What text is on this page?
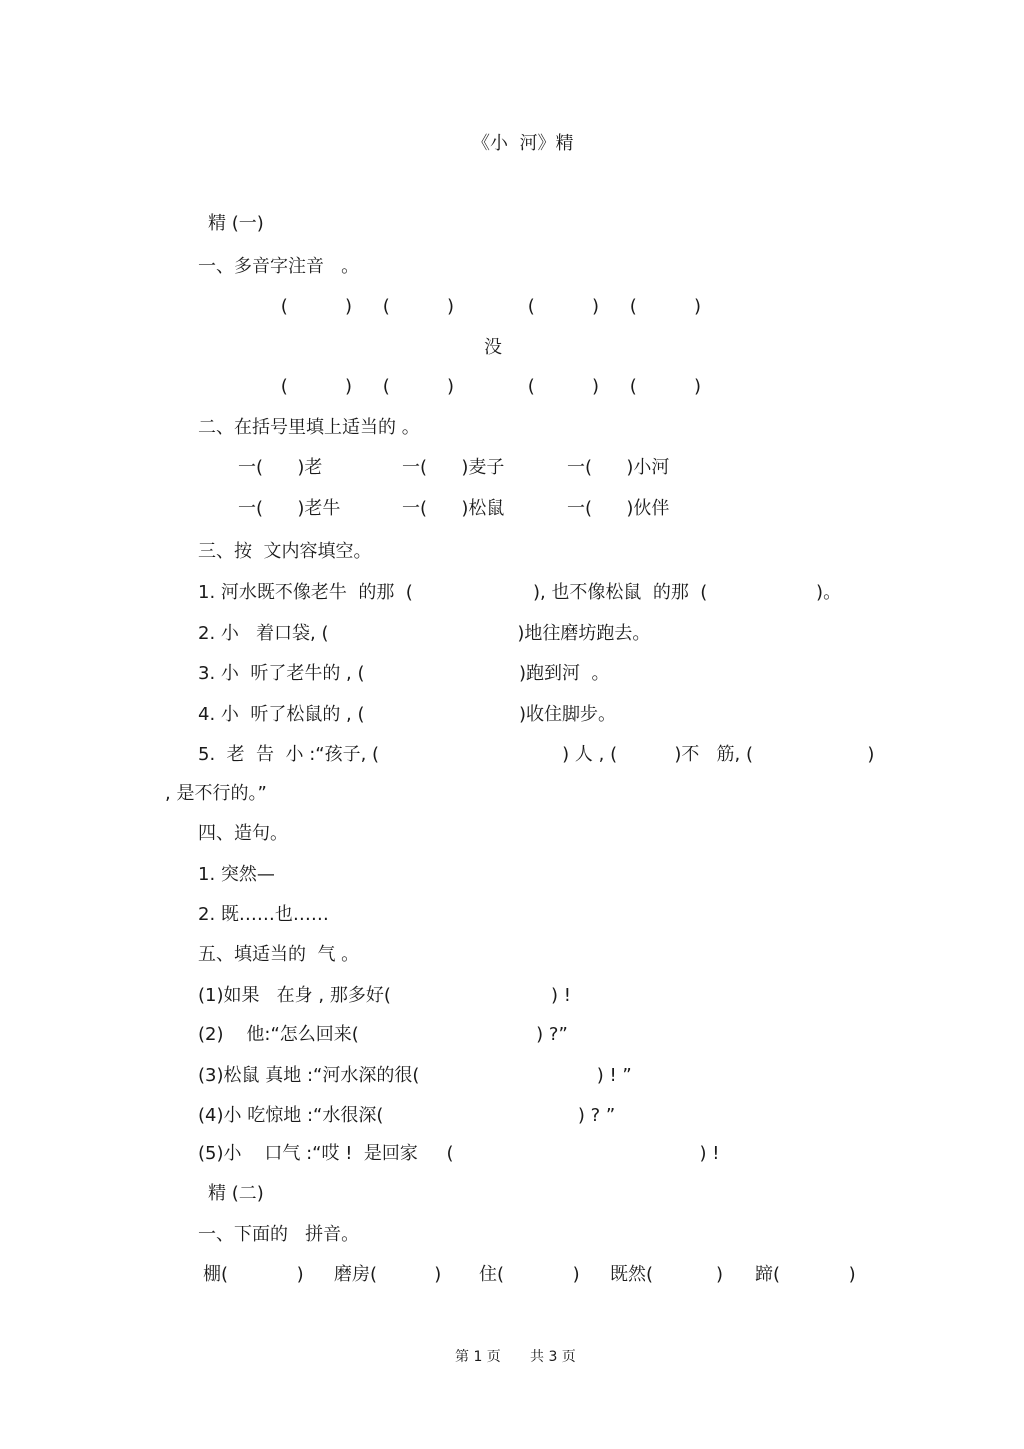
《小  河》精
精 (一)
一、多音字注音   。
(          ) (          )	(          ) (          )
没
(          ) (          )	(          ) (          )
二、在括号里填上适当的 。
一(      )老	一(      )麦子	一(      )小河
一(      )老牛	一(      )松鼠	一(      )伙伴
三、按  文内容填空。
1. 河水既不像老牛  的那  (                     ), 也不像松鼠  的那  (                   )。
2. 小   着口袋, (                                 )地往磨坊跑去。
3. 小  听了老牛的 , (                           )跑到河  。
4. 小  听了松鼠的 , (                           )收住脚步。
5.  老  告  小 :“孩子, (                                ) 人 , (          )不   筋, (                    )
, 是不行的。”
四、造句。
1. 突然—
2. 既……也……
五、填适当的  气 。
(1)如果   在身 , 那多好(                            ) !
(2)    他:“怎么回来(                               ) ?”
(3)松鼠 真地 :“河水深的很(                               ) ! ”
(4)小 吃惊地 :“水很深(                                  ) ? ”
(5)小    口气 :“哎 !  是回家     (                                           ) !
精 (二)
一、下面的   拼音。
棚(            ) 磨房(          ) 住(            ) 既然(           ) 蹄(            )
第 1 页 共 3 页
